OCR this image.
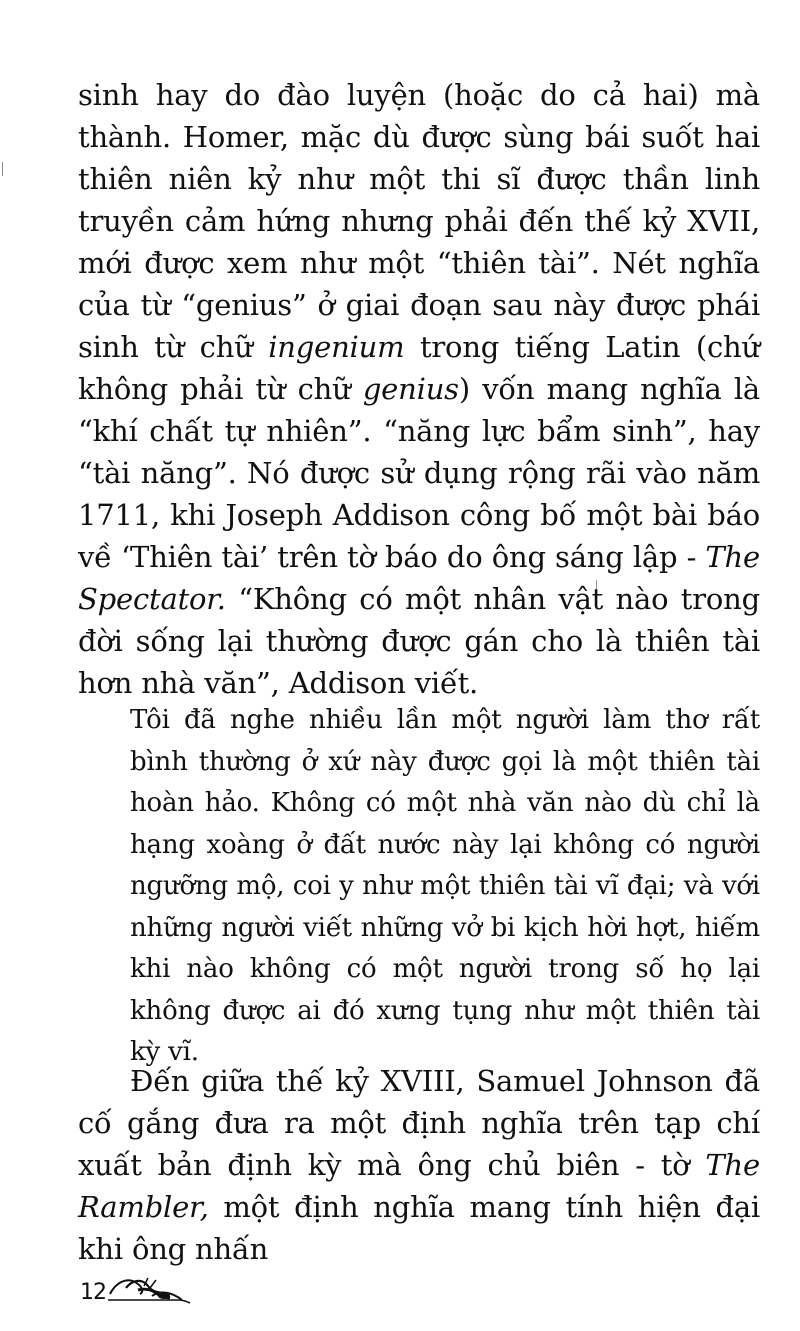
sinh hay do đào luyện (hoặc do cả hai) mà thành. Homer, mặc dù được sùng bái suốt hai thiên niên kỷ như một thi sĩ được thần linh truyền cảm hứng nhưng phải đến thế kỷ XVII, mới được xem như một “thiên tài”. Nét nghĩa của từ “genius” ở giai đoạn sau này được phái sinh từ chữ ingenium trong tiếng Latin (chứ không phải từ chữ genius) vốn mang nghĩa là “khí chất tự nhiên”. “năng lực bẩm sinh”, hay “tài năng”. Nó được sử dụng rộng rãi vào năm 1711, khi Joseph Addison công bố một bài báo về ‘Thiên tài’ trên tờ báo do ông sáng lập - The Spectator. “Không có một nhân vật nào trong đời sống lại thường được gán cho là thiên tài hơn nhà văn”, Addison viết.

Tôi đã nghe nhiều lần một người làm thơ rất bình thường ở xứ này được gọi là một thiên tài hoàn hảo. Không có một nhà văn nào dù chỉ là hạng xoàng ở đất nước này lại không có người ngưỡng mộ, coi y như một thiên tài vĩ đại; và với những người viết những vở bi kịch hời hợt, hiếm khi nào không có một người trong số họ lại không được ai đó xưng tụng như một thiên tài kỳ vĩ.

Đến giữa thế kỷ XVIII, Samuel Johnson đã cố gắng đưa ra một định nghĩa trên tạp chí xuất bản định kỳ mà ông chủ biên - tờ The Rambler, một định nghĩa mang tính hiện đại khi ông nhấn

12
